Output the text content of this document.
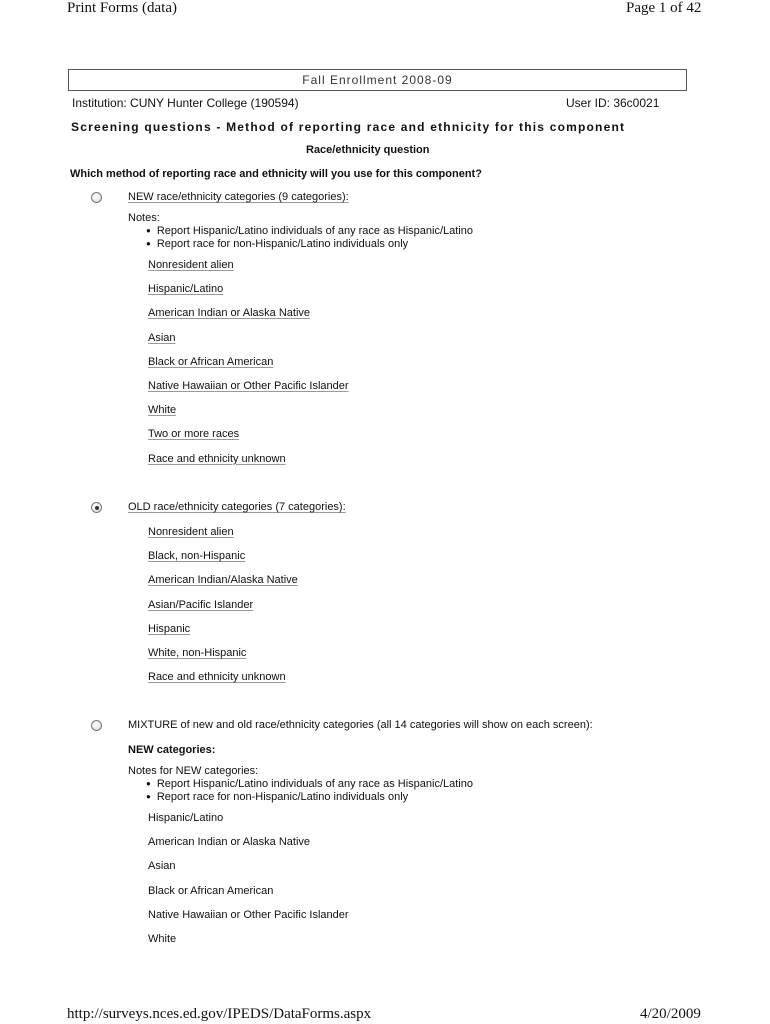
Print Forms (data)	Page 1 of 42
Fall Enrollment 2008-09
Institution: CUNY Hunter College (190594)	User ID: 36c0021
Screening questions - Method of reporting race and ethnicity for this component
Race/ethnicity question
Which method of reporting race and ethnicity will you use for this component?
NEW race/ethnicity categories (9 categories):
Notes:
● Report Hispanic/Latino individuals of any race as Hispanic/Latino
● Report race for non-Hispanic/Latino individuals only
Nonresident alien
Hispanic/Latino
American Indian or Alaska Native
Asian
Black or African American
Native Hawaiian or Other Pacific Islander
White
Two or more races
Race and ethnicity unknown
OLD race/ethnicity categories (7 categories):
Nonresident alien
Black, non-Hispanic
American Indian/Alaska Native
Asian/Pacific Islander
Hispanic
White, non-Hispanic
Race and ethnicity unknown
MIXTURE of new and old race/ethnicity categories (all 14 categories will show on each screen):
NEW categories:
Notes for NEW categories:
● Report Hispanic/Latino individuals of any race as Hispanic/Latino
● Report race for non-Hispanic/Latino individuals only
Hispanic/Latino
American Indian or Alaska Native
Asian
Black or African American
Native Hawaiian or Other Pacific Islander
White
http://surveys.nces.ed.gov/IPEDS/DataForms.aspx	4/20/2009
